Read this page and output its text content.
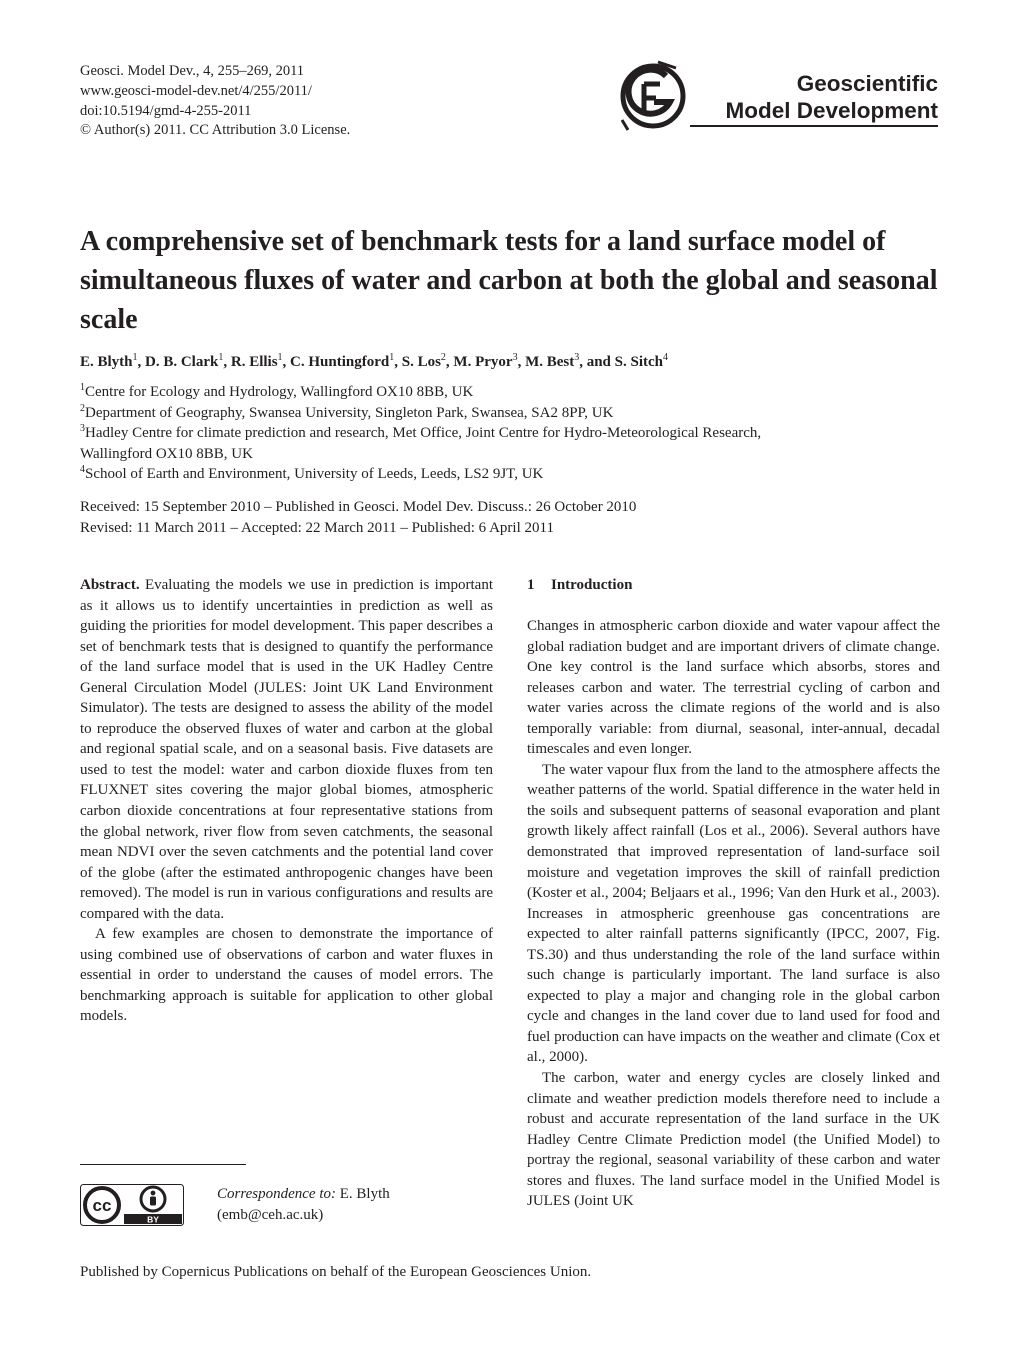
Geosci. Model Dev., 4, 255–269, 2011
www.geosci-model-dev.net/4/255/2011/
doi:10.5194/gmd-4-255-2011
© Author(s) 2011. CC Attribution 3.0 License.
Geoscientific
Model Development
A comprehensive set of benchmark tests for a land surface model of simultaneous fluxes of water and carbon at both the global and seasonal scale
E. Blyth$^1$, D. B. Clark$^1$, R. Ellis$^1$, C. Huntingford$^1$, S. Los$^2$, M. Pryor$^3$, M. Best$^3$, and S. Sitch$^4$
$^1$Centre for Ecology and Hydrology, Wallingford OX10 8BB, UK
$^2$Department of Geography, Swansea University, Singleton Park, Swansea, SA2 8PP, UK
$^3$Hadley Centre for climate prediction and research, Met Office, Joint Centre for Hydro-Meteorological Research,
Wallingford OX10 8BB, UK
$^4$School of Earth and Environment, University of Leeds, Leeds, LS2 9JT, UK
Received: 15 September 2010 – Published in Geosci. Model Dev. Discuss.: 26 October 2010
Revised: 11 March 2011 – Accepted: 22 March 2011 – Published: 6 April 2011

Abstract. Evaluating the models we use in prediction is important as it allows us to identify uncertainties in prediction as well as guiding the priorities for model development. This paper describes a set of benchmark tests that is designed to quantify the performance of the land surface model that is used in the UK Hadley Centre General Circulation Model (JULES: Joint UK Land Environment Simulator). The tests are designed to assess the ability of the model to reproduce the observed fluxes of water and carbon at the global and regional spatial scale, and on a seasonal basis. Five datasets are used to test the model: water and carbon dioxide fluxes from ten FLUXNET sites covering the major global biomes, atmospheric carbon dioxide concentrations at four representative stations from the global network, river flow from seven catchments, the seasonal mean NDVI over the seven catchments and the potential land cover of the globe (after the estimated anthropogenic changes have been removed). The model is run in various configurations and results are compared with the data.

A few examples are chosen to demonstrate the importance of using combined use of observations of carbon and water fluxes in essential in order to understand the causes of model errors. The benchmarking approach is suitable for application to other global models.

cc
BY
Correspondence to: E. Blyth
(emb@ceh.ac.uk)
1 Introduction

Changes in atmospheric carbon dioxide and water vapour affect the global radiation budget and are important drivers of climate change. One key control is the land surface which absorbs, stores and releases carbon and water. The terrestrial cycling of carbon and water varies across the climate regions of the world and is also temporally variable: from diurnal, seasonal, inter-annual, decadal timescales and even longer.

The water vapour flux from the land to the atmosphere affects the weather patterns of the world. Spatial difference in the water held in the soils and subsequent patterns of seasonal evaporation and plant growth likely affect rainfall (Los et al., 2006). Several authors have demonstrated that improved representation of land-surface soil moisture and vegetation improves the skill of rainfall prediction (Koster et al., 2004; Beljaars et al., 1996; Van den Hurk et al., 2003). Increases in atmospheric greenhouse gas concentrations are expected to alter rainfall patterns significantly (IPCC, 2007, Fig. TS.30) and thus understanding the role of the land surface within such change is particularly important. The land surface is also expected to play a major and changing role in the global carbon cycle and changes in the land cover due to land used for food and fuel production can have impacts on the weather and climate (Cox et al., 2000).

The carbon, water and energy cycles are closely linked and climate and weather prediction models therefore need to include a robust and accurate representation of the land surface in the UK Hadley Centre Climate Prediction model (the Unified Model) to portray the regional, seasonal variability of these carbon and water stores and fluxes. The land surface model in the Unified Model is JULES (Joint UK

Published by Copernicus Publications on behalf of the European Geosciences Union.
